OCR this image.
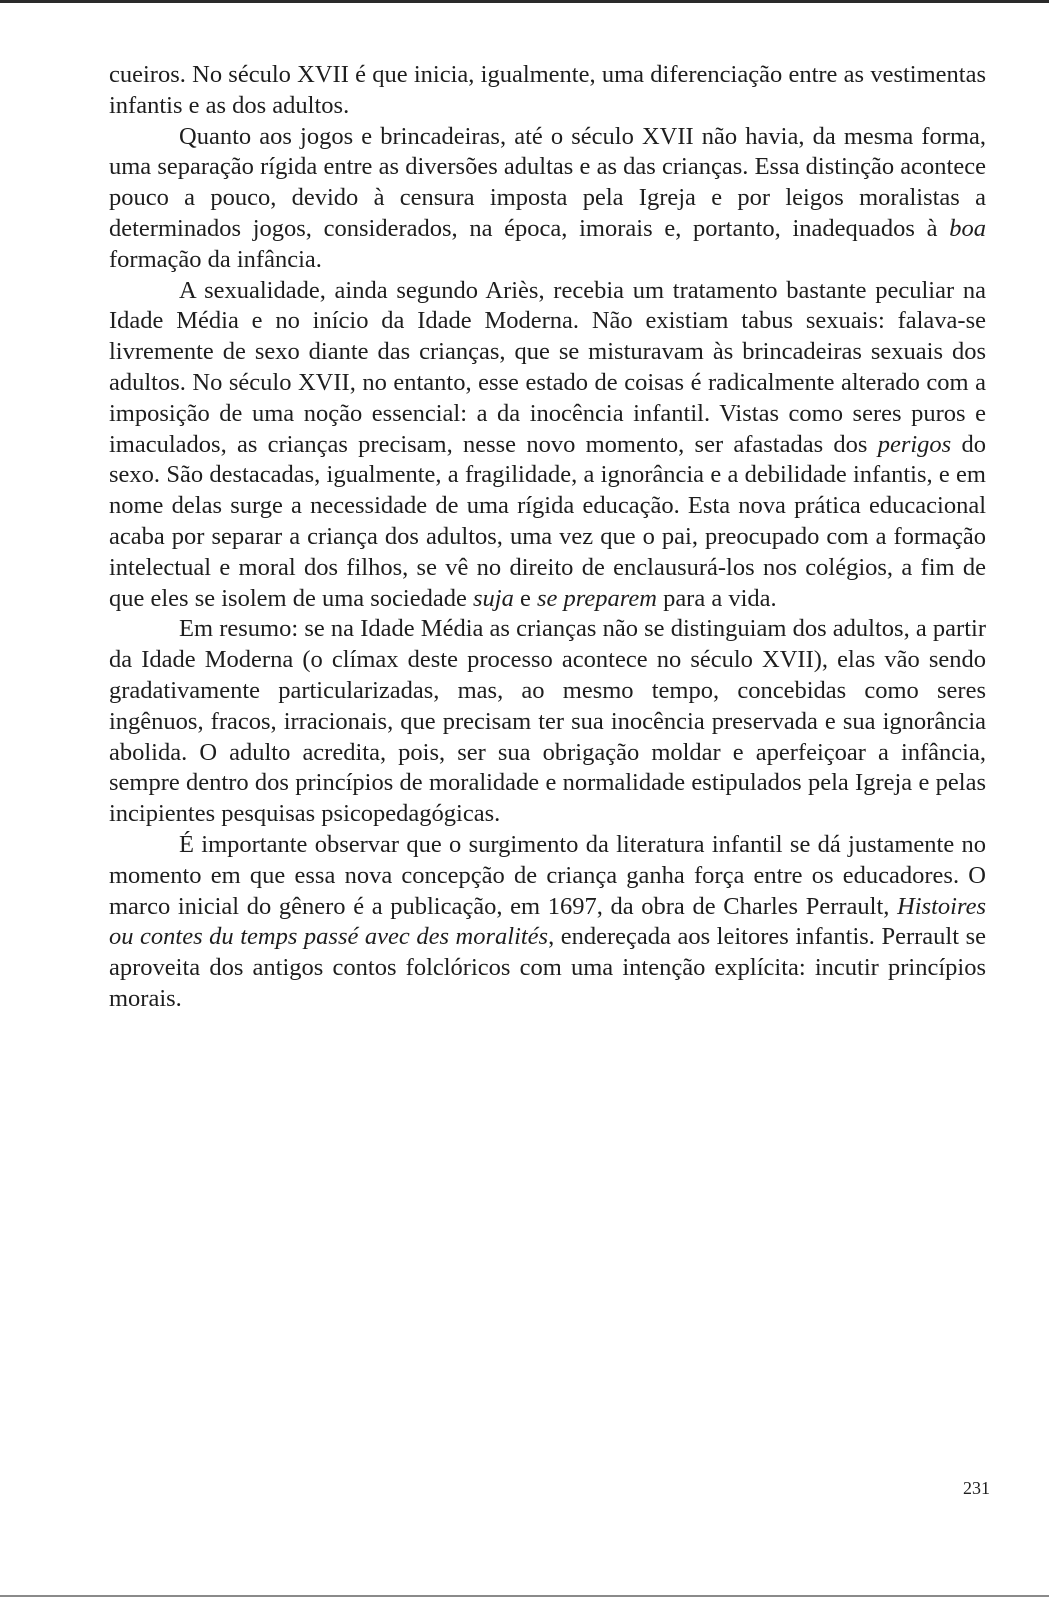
cueiros. No século XVII é que inicia, igualmente, uma diferenciação entre as vestimentas infantis e as dos adultos.

Quanto aos jogos e brincadeiras, até o século XVII não havia, da mesma forma, uma separação rígida entre as diversões adultas e as das crianças. Essa distinção acontece pouco a pouco, devido à censura imposta pela Igreja e por leigos moralistas a determinados jogos, considerados, na época, imorais e, portanto, inadequados à boa formação da infância.

A sexualidade, ainda segundo Ariès, recebia um tratamento bastante peculiar na Idade Média e no início da Idade Moderna. Não existiam tabus sexuais: falava-se livremente de sexo diante das crianças, que se misturavam às brincadeiras sexuais dos adultos. No século XVII, no entanto, esse estado de coisas é radicalmente alterado com a imposição de uma noção essencial: a da inocência infantil. Vistas como seres puros e imaculados, as crianças precisam, nesse novo momento, ser afastadas dos perigos do sexo. São destacadas, igualmente, a fragilidade, a ignorância e a debilidade infantis, e em nome delas surge a necessidade de uma rígida educação. Esta nova prática educacional acaba por separar a criança dos adultos, uma vez que o pai, preocupado com a formação intelectual e moral dos filhos, se vê no direito de enclausurá-los nos colégios, a fim de que eles se isolem de uma sociedade suja e se preparem para a vida.

Em resumo: se na Idade Média as crianças não se distinguiam dos adultos, a partir da Idade Moderna (o clímax deste processo acontece no século XVII), elas vão sendo gradativamente particularizadas, mas, ao mesmo tempo, concebidas como seres ingênuos, fracos, irracionais, que precisam ter sua inocência preservada e sua ignorância abolida. O adulto acredita, pois, ser sua obrigação moldar e aperfeiçoar a infância, sempre dentro dos princípios de moralidade e normalidade estipulados pela Igreja e pelas incipientes pesquisas psicopedagógicas.

É importante observar que o surgimento da literatura infantil se dá justamente no momento em que essa nova concepção de criança ganha força entre os educadores. O marco inicial do gênero é a publicação, em 1697, da obra de Charles Perrault, Histoires ou contes du temps passé avec des moralités, endereçada aos leitores infantis. Perrault se aproveita dos antigos contos folclóricos com uma intenção explícita: incutir princípios morais.

231
